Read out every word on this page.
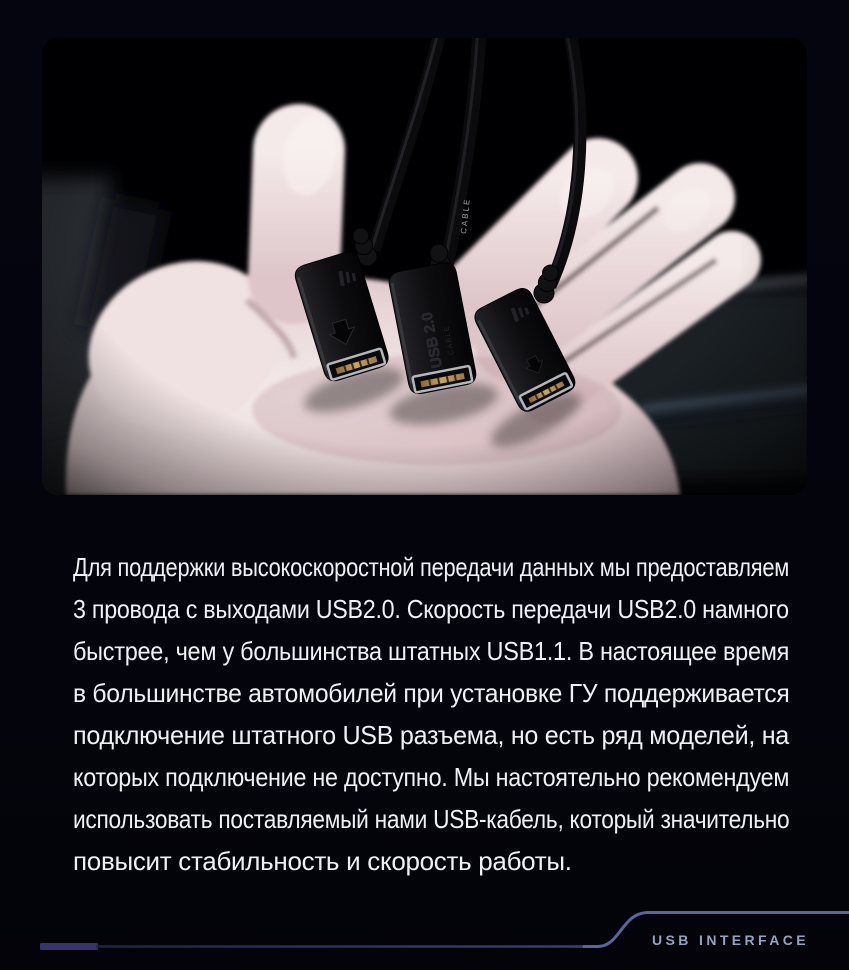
Для поддержки высокоскоростной передачи данных мы предоставляем
3 провода с выходами USB2.0. Скорость передачи USB2.0 намного
быстрее, чем у большинства штатных USB1.1. В настоящее время
в большинстве автомобилей при установке ГУ поддерживается
подключение штатного USB разъема, но есть ряд моделей, на
которых подключение не доступно. Мы настоятельно рекомендуем
использовать поставляемый нами USB-кабель, который значительно
повысит стабильность и скорость работы.
USB INTERFACE
